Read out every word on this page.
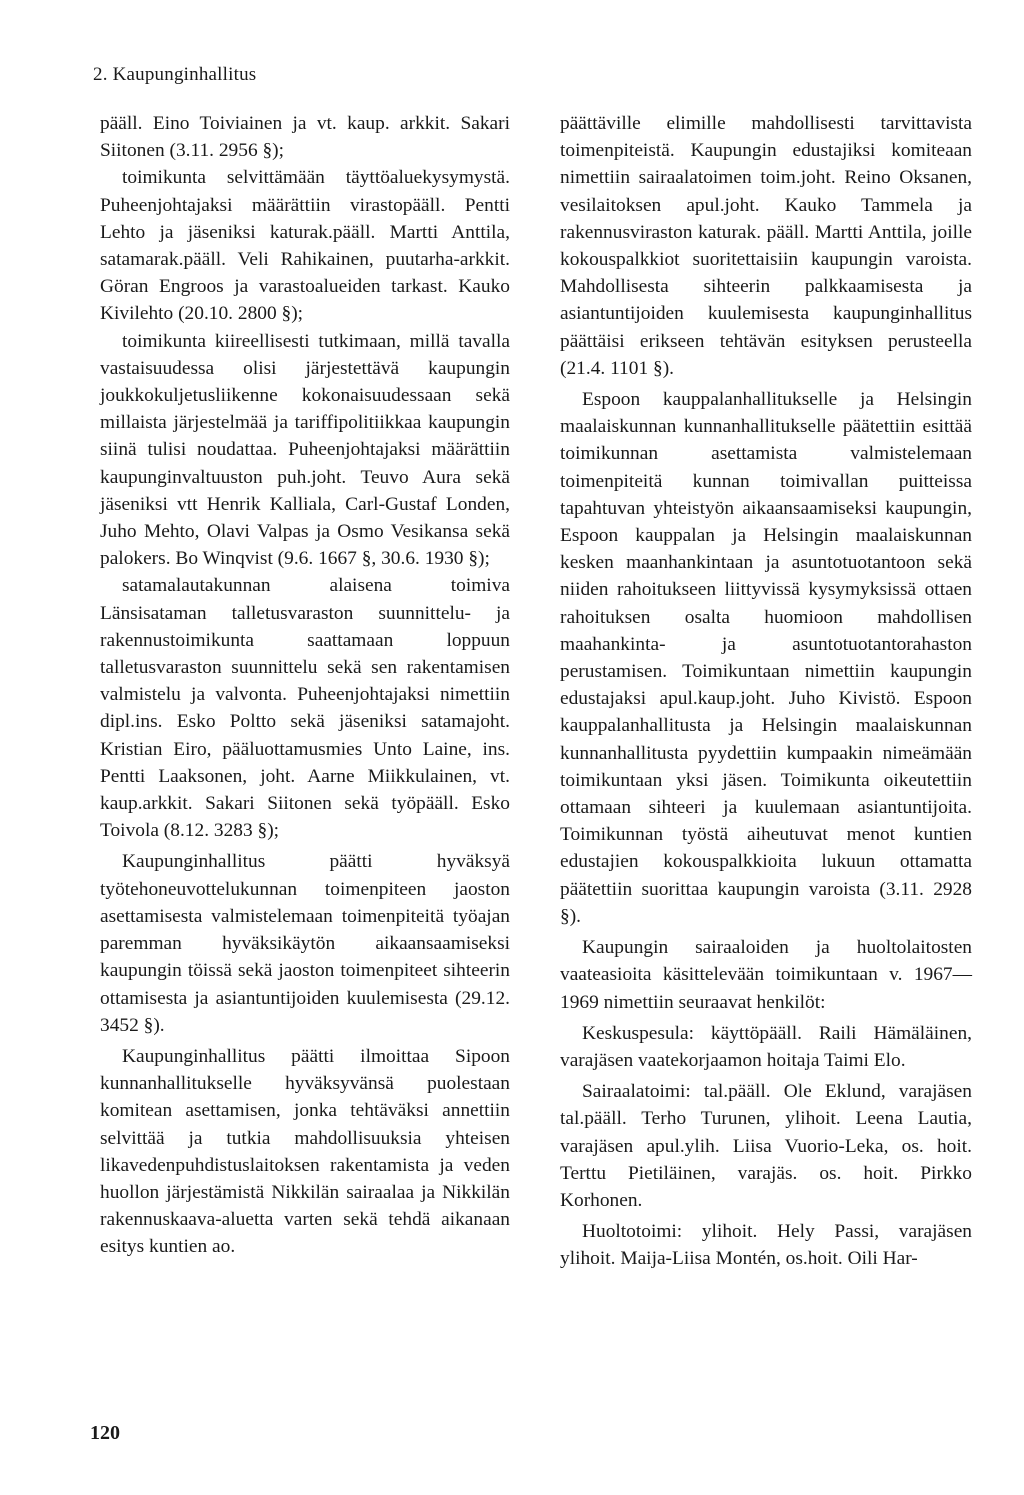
2. Kaupunginhallitus

pääll. Eino Toiviainen ja vt. kaup. arkkit. Sakari Siitonen (3.11. 2956 §);

toimikunta selvittämään täyttöaluekysymystä. Puheenjohtajaksi määrättiin virastopääll. Pentti Lehto ja jäseniksi katurak.pääll. Martti Anttila, satamarak.pääll. Veli Rahikainen, puutarha-arkkit. Göran Engroos ja varastoalueiden tarkast. Kauko Kivilehto (20.10. 2800 §);

toimikunta kiireellisesti tutkimaan, millä tavalla vastaisuudessa olisi järjestettävä kaupungin joukkokuljetusliikenne kokonaisuudessaan sekä millaista järjestelmää ja tariffipolitiikkaa kaupungin siinä tulisi noudattaa. Puheenjohtajaksi määrättiin kaupunginvaltuuston puh.joht. Teuvo Aura sekä jäseniksi vtt Henrik Kalliala, Carl-Gustaf Londen, Juho Mehto, Olavi Valpas ja Osmo Vesikansa sekä palokers. Bo Winqvist (9.6. 1667 §, 30.6. 1930 §);

satamalautakunnan alaisena toimiva Länsisataman talletusvaraston suunnittelu- ja rakennustoimikunta saattamaan loppuun talletusvaraston suunnittelu sekä sen rakentamisen valmistelu ja valvonta. Puheenjohtajaksi nimettiin dipl.ins. Esko Poltto sekä jäseniksi satamajoht. Kristian Eiro, pääluottamusmies Unto Laine, ins. Pentti Laaksonen, joht. Aarne Miikkulainen, vt. kaup.arkkit. Sakari Siitonen sekä työpääll. Esko Toivola (8.12. 3283 §);

Kaupunginhallitus päätti hyväksyä työtehoneuvottelukunnan toimenpiteen jaoston asettamisesta valmistelemaan toimenpiteitä työajan paremman hyväksikäytön aikaansaamiseksi kaupungin töissä sekä jaoston toimenpiteet sihteerin ottamisesta ja asiantuntijoiden kuulemisesta (29.12. 3452 §).

Kaupunginhallitus päätti ilmoittaa Sipoon kunnanhallitukselle hyväksyvänsä puolestaan komitean asettamisen, jonka tehtäväksi annettiin selvittää ja tutkia mahdollisuuksia yhteisen likavedenpuhdistuslaitoksen rakentamista ja veden huollon järjestämistä Nikkilän sairaalaa ja Nikkilän rakennuskaava-aluetta varten sekä tehdä aikanaan esitys kuntien ao.

päättäville elimille mahdollisesti tarvittavista toimenpiteistä. Kaupungin edustajiksi komiteaan nimettiin sairaalatoimen toim.joht. Reino Oksanen, vesilaitoksen apul.joht. Kauko Tammela ja rakennusviraston katurak. pääll. Martti Anttila, joille kokouspalkkiot suoritettaisiin kaupungin varoista. Mahdollisesta sihteerin palkkaamisesta ja asiantuntijoiden kuulemisesta kaupunginhallitus päättäisi erikseen tehtävän esityksen perusteella (21.4. 1101 §).

Espoon kauppalanhallitukselle ja Helsingin maalaiskunnan kunnanhallitukselle päätettiin esittää toimikunnan asettamista valmistelemaan toimenpiteitä kunnan toimivallan puitteissa tapahtuvan yhteistyön aikaansaamiseksi kaupungin, Espoon kauppalan ja Helsingin maalaiskunnan kesken maanhankintaan ja asuntotuotantoon sekä niiden rahoitukseen liittyvissä kysymyksissä ottaen rahoituksen osalta huomioon mahdollisen maahankinta- ja asuntotuotantorahaston perustamisen. Toimikuntaan nimettiin kaupungin edustajaksi apul.kaup.joht. Juho Kivistö. Espoon kauppalanhallitusta ja Helsingin maalaiskunnan kunnanhallitusta pyydettiin kumpaakin nimeämään toimikuntaan yksi jäsen. Toimikunta oikeutettiin ottamaan sihteeri ja kuulemaan asiantuntijoita. Toimikunnan työstä aiheutuvat menot kuntien edustajien kokouspalkkioita lukuun ottamatta päätettiin suorittaa kaupungin varoista (3.11. 2928 §).

Kaupungin sairaaloiden ja huoltolaitosten vaateasioita käsittelevään toimikuntaan v. 1967—1969 nimettiin seuraavat henkilöt:

Keskuspesula: käyttöpääll. Raili Hämäläinen, varajäsen vaatekorjaamon hoitaja Taimi Elo.

Sairaalatoimi: tal.pääll. Ole Eklund, varajäsen tal.pääll. Terho Turunen, ylihoit. Leena Lautia, varajäsen apul.ylih. Liisa Vuorio-Leka, os. hoit. Terttu Pietiläinen, varajäs. os. hoit. Pirkko Korhonen.

Huoltotoimi: ylihoit. Hely Passi, varajäsen ylihoit. Maija-Liisa Montén, os.hoit. Oili Har-

120
